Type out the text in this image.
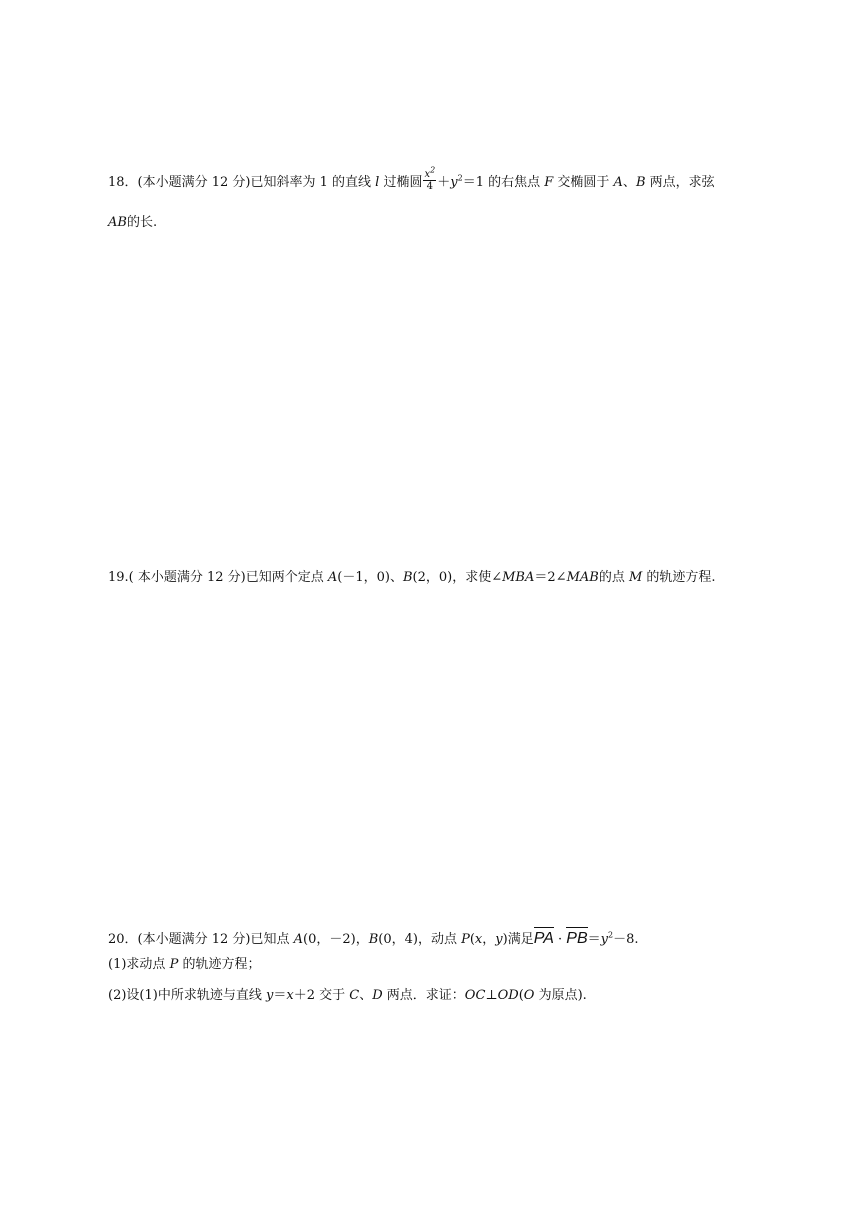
18．(本小题满分 12 分)已知斜率为 1 的直线 l 过椭圆 $\frac{x^2}{4} +y^2=1$ 的右焦点 F 交椭圆于 A、B 两点，求弦
AB的长.
19.( 本小题满分 12 分)已知两个定点 A(－1，0)、B(2，0)，求使∠MBA＝2∠MAB的点 M 的轨迹方程.
20．(本小题满分 12 分)已知点 A(0，－2)，B(0，4)，动点 P(x，y)满足PA · $PB=y^2-8$.
(1)求动点 P 的轨迹方程；
(2)设(1)中所求轨迹与直线 y＝x＋2 交于 C、D 两点．求证：OC⊥OD(O 为原点).
